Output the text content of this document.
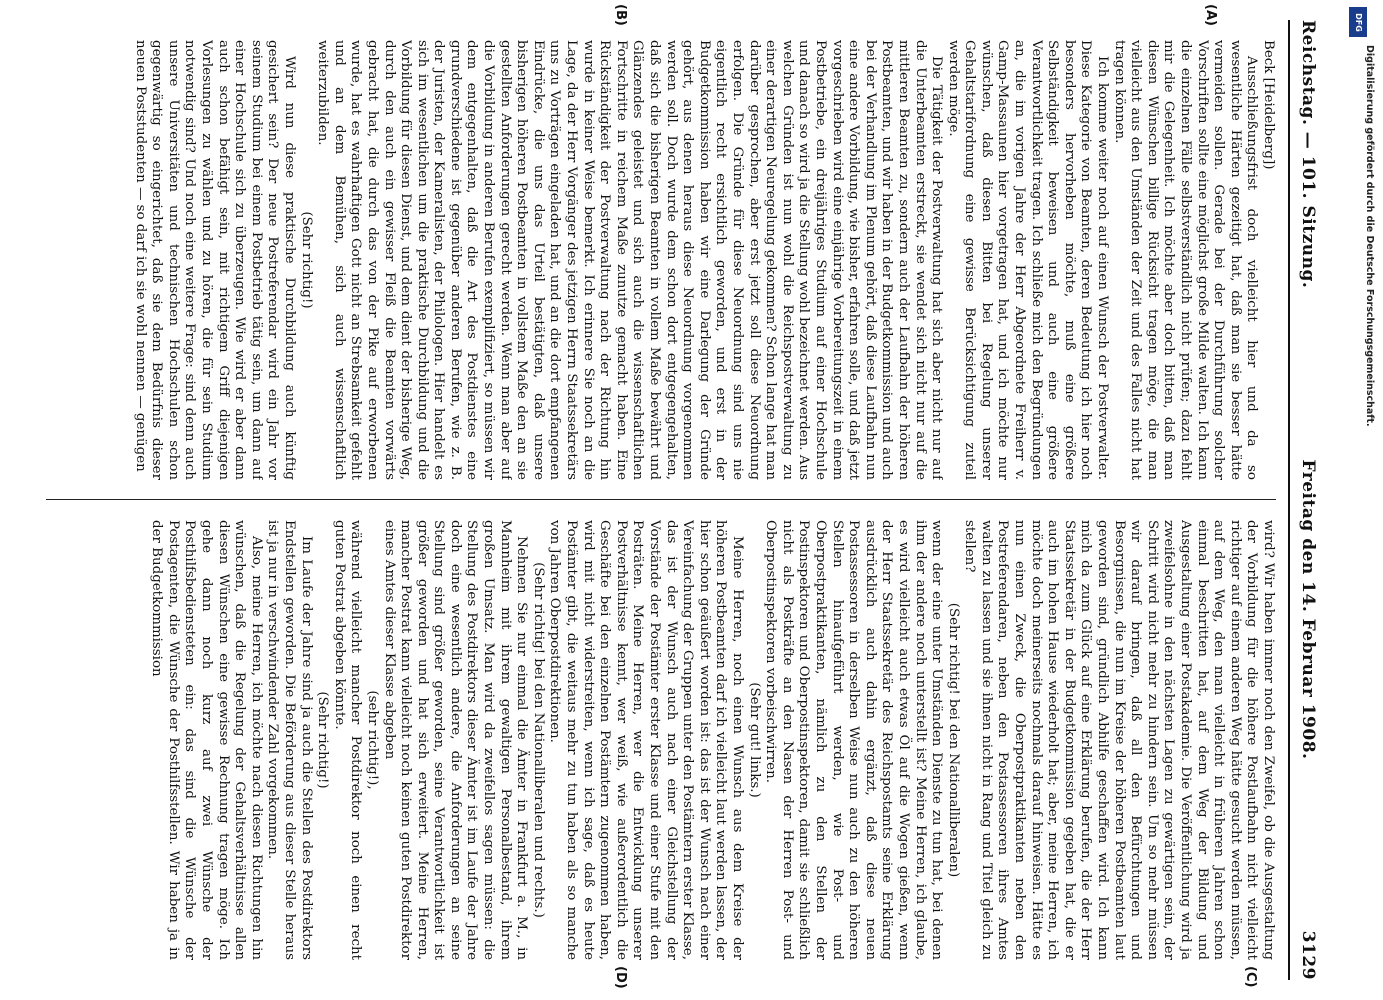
Reichstag. — 101. Sitzung.
Freitag den 14. Februar 1908.
3129
(A)
(B)
(C)
(D)

Beck [Heidelberg])

Ausschließungsfrist doch vielleicht hier und da so wesentliche Härten gezeitigt hat, daß man sie besser hätte vermeiden sollen. Gerade bei der Durchführung solcher Vorschriften sollte eine möglichst große Milde walten. Ich kann die einzelnen Fälle selbstverständlich nicht prüfen; dazu fehlt mir die Gelegenheit. Ich möchte aber doch bitten, daß man diesen Wünschen billige Rücksicht tragen möge, die man vielleicht aus den Umständen der Zeit und des Falles nicht hat tragen können.

Ich komme weiter noch auf einen Wunsch der Postverwalter. Diese Kategorie von Beamten, deren Bedeutung ich hier noch besonders hervorheben möchte, muß eine größere Selbständigkeit beweisen und auch eine größere Verantwortlichkeit tragen. Ich schließe mich den Begründungen an, die im vorigen Jahre der Herr Abgeordnete Freiherr v. Gamp-Massaunen hier vorgetragen hat, und ich möchte nur wünschen, daß diesen Bitten bei Regelung unserer Gehaltstarifordnung eine gewisse Berücksichtigung zuteil werden möge.

Die Tätigkeit der Postverwaltung hat sich aber nicht nur auf die Unterbeamten erstreckt, sie wendet sich nicht nur auf die mittleren Beamten zu, sondern auch der Laufbahn der höheren Postbeamten, und wir haben in der Budgetkommission und auch bei der Verhandlung im Plenum gehört, daß diese Laufbahn nun eine andere Vorbildung, wie bisher, erfahren solle, und daß jetzt vorgeschrieben wird eine einjährige Vorbereitungszeit in einem Postbetriebe, ein dreijähriges Studium auf einer Hochschule und danach so wird ja die Stellung wohl bezeichnet werden. Aus welchen Gründen ist nun wohl die Reichspostverwaltung zu einer derartigen Neuregelung gekommen? Schon lange hat man darüber gesprochen, aber erst jetzt soll diese Neuordnung erfolgen. Die Gründe für diese Neuordnung sind uns nie eigentlich recht ersichtlich geworden, und erst in der Budgetkommission haben wir eine Darlegung der Gründe gehört, aus denen heraus diese Neuordnung vorgenommen werden soll. Doch wurde dem schon dort entgegengehalten, daß sich die bisherigen Beamten in vollem Maße bewährt und Glänzendes geleistet und sich auch die wissenschaftlichen Fortschritte in reichem Maße zunutze gemacht haben. Eine Rückständigkeit der Postverwaltung nach der Richtung hin wurde in keiner Weise bemerkt. Ich erinnere Sie noch an die Lage, da der Herr Vorgänger des jetzigen Herrn Staatssekretärs uns zu Vorträgen eingeladen hat, und an die dort empfangenen Eindrücke, die uns das Urteil bestätigten, daß unsere bisherigen höheren Postbeamten in vollstem Maße den an sie gestellten Anforderungen gerecht werden. Wenn man aber auf die Vorbildung in anderen Berufen exemplifiziert, so müssen wir dem entgegenhalten, daß die Art des Postdienstes eine grundverschiedene ist gegenüber anderen Berufen, wie z. B. der Juristen, der Kameralisten, der Philologen. Hier handelt es sich im wesentlichen um die praktische Durchbildung und die Vorbildung für diesen Dienst, und dem dient der bisherige Weg, durch den auch ein gewisser Fleiß die Beamten vorwärts gebracht hat, die durch das von der Pike auf erworbenen wurde, hat es wahrhaftigen Gott nicht an Strebsamkeit gefehlt und an dem Bemühen, sich auch wissenschaftlich weiterzubilden.

(Sehr richtig!)

Wird nun diese praktische Durchbildung auch künftig gesichert sein? Der neue Postreferendar wird ein Jahr vor seinem Studium bei einem Postbetrieb tätig sein, um dann auf einer Hochschule sich zu überzeugen. Wie wird er aber dann auch schon befähigt sein, mit richtigem Griff diejenigen Vorlesungen zu wählen und zu hören, die für sein Studium notwendig sind? Und noch eine weitere Frage: sind denn auch unsere Universitäten und technischen Hochschulen schon gegenwärtig so eingerichtet, daß sie dem Bedürfnis dieser neuen Poststudenten — so darf ich sie wohl nennen — genügen

wird? Wir haben immer noch den Zweifel, ob die Ausgestaltung der Vorbildung für die höhere Postlaufbahn nicht vielleicht richtiger auf einem anderen Weg hätte gesucht werden müssen, auf dem Weg, den man vielleicht in früheren Jahren schon einmal beschritten hat, auf dem Weg der Bildung und Ausgestaltung einer Postakademie. Die Veröffentlichung wird ja zweifelsohne in den nächsten Lagen zu gewärtigen sein, der Schritt wird nicht mehr zu hindern sein. Um so mehr müssen wir darauf bringen, daß all den Befürchtungen und Besorgnissen, die nun im Kreise der höheren Postbeamten laut geworden sind, gründlich Abhilfe geschaffen wird. Ich kann mich da zum Glück auf eine Erklärung berufen, die der Herr Staatssekretär in der Budgetkommission gegeben hat, die er auch im hohen Hause wiederholt hat; aber, meine Herren, ich möchte doch meinerseits nochmals darauf hinweisen. Hätte es nun einen Zweck, die Oberpostpraktikanten neben den Postreferendaren, neben den Postassessoren ihres Amtes walten zu lassen und sie ihnen nicht in Rang und Titel gleich zu stellen?

(Sehr richtig! bei den Nationalliberalen)

wenn der eine unter Umständen Dienste zu tun hat, bei denen ihm der andere noch unterstellt ist? Meine Herren, ich glaube, es wird vielleicht auch etwas Öl auf die Wogen gießen, wenn der Herr Staatssekretär des Reichspostamts seine Erklärung ausdrücklich auch dahin ergänzt, daß diese neuen Postassessoren in derselben Weise nun auch zu den höheren Stellen hinaufgeführt werden, wie Post- und Oberpostpraktikanten, nämlich zu den Stellen der Postinspektoren und Oberpostinspektoren, damit sie schließlich nicht als Postkräfte an den Nasen der Herren Post- und Oberpostinspektoren vorbeischwirren.

(Sehr gut! links.)

Meine Herren, noch einen Wunsch aus dem Kreise der höheren Postbeamten darf ich vielleicht laut werden lassen, der hier schon geäußert worden ist: das ist der Wunsch nach einer Vereinfachung der Gruppen unter den Postämtern erster Klasse, das ist der Wunsch auch nach einer Gleichstellung der Vorstände der Postämter erster Klasse und einer Stufe mit den Posträten. Meine Herren, wer die Entwicklung unserer Postverhältnisse kennt, wer weiß, wie außerordentlich die Geschäfte bei den einzelnen Postämtern zugenommen haben, wird mit nicht widerstreiten, wenn ich sage, daß es heute Postämter gibt, die weitaus mehr zu tun haben als so manche von Jahren Oberpostdirektionen.

(Sehr richtig! bei den Nationalliberalen und rechts.)

Nehmen Sie nur einmal die Ämter in Frankfurt a. M., in Mannheim mit ihrem gewaltigen Personalbestand, ihrem großen Umsatz. Man wird da zweifellos sagen müssen: die Stellung des Postdirektors dieser Ämter ist im Laufe der Jahre doch eine wesentlich andere, die Anforderungen an seine Stellung sind größer geworden, seine Verantwortlichkeit ist größer geworden und hat sich erweitert. Meine Herren, mancher Postrat kann vielleicht noch keinen guten Postdirektor eines Amtes dieser Klasse abgeben

(sehr richtig!),

während vielleicht mancher Postdirektor noch einen recht guten Postrat abgeben könnte.

(Sehr richtig!)

Im Laufe der Jahre sind ja auch die Stellen des Postdirektors Endstellen geworden. Die Beförderung aus dieser Stelle heraus ist ja nur in verschwindender Zahl vorgekommen.

Also, meine Herren, ich möchte nach diesen Richtungen hin wünschen, daß die Regelung der Gehaltsverhältnisse allen diesen Wünschen eine gewisse Rechnung tragen möge. Ich gehe dann noch kurz auf zwei Wünsche der Posthilfsbediensteten ein: das sind die Wünsche der Postagenten, die Wünsche der Posthilfsstellen. Wir haben ja in der Budgetkommission

DFG
Digitalisierung gefördert durch die Deutsche Forschungsgemeinschaft.
